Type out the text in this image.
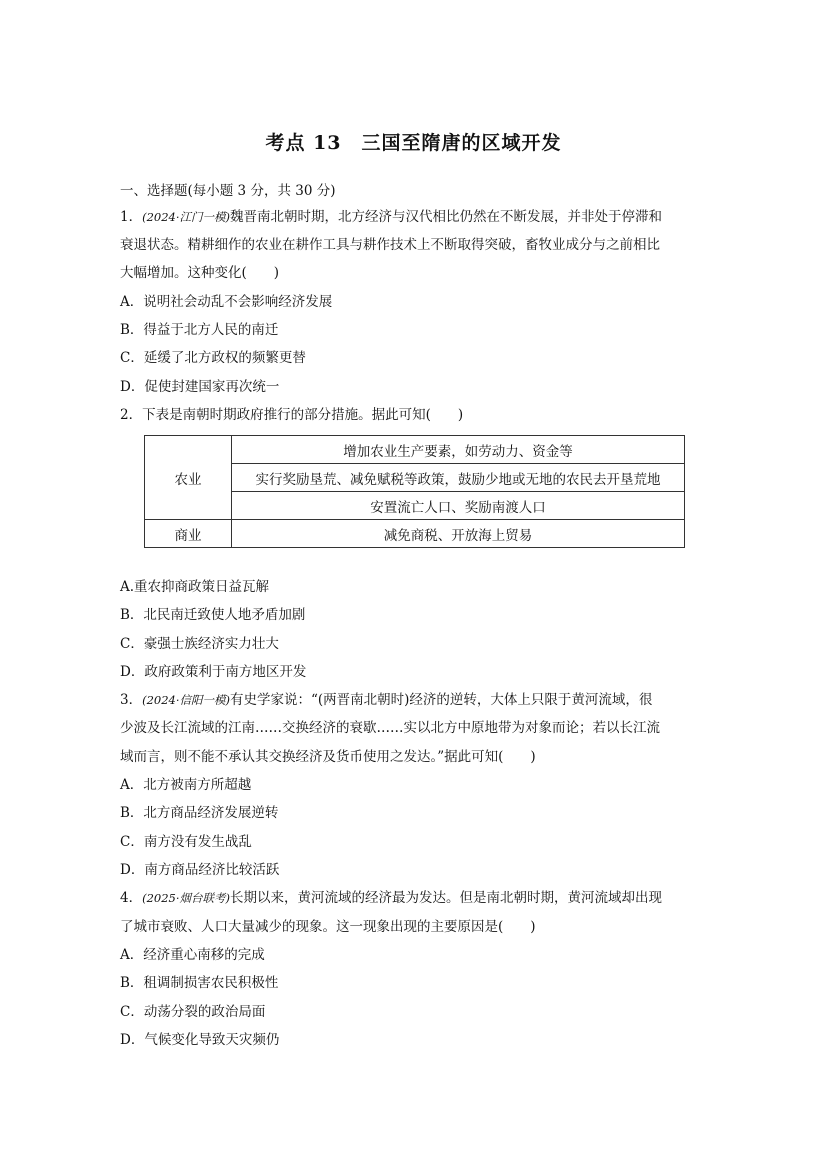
考点 13　三国至隋唐的区域开发
一、选择题(每小题 3 分，共 30 分)
1．(2024·江门一模)魏晋南北朝时期，北方经济与汉代相比仍然在不断发展，并非处于停滞和
衰退状态。精耕细作的农业在耕作工具与耕作技术上不断取得突破，畜牧业成分与之前相比
大幅增加。这种变化(　　)
A．说明社会动乱不会影响经济发展
B．得益于北方人民的南迁
C．延缓了北方政权的频繁更替
D．促使封建国家再次统一
2．下表是南朝时期政府推行的部分措施。据此可知(　　)
农业	增加农业生产要素，如劳动力、资金等
	实行奖励垦荒、减免赋税等政策，鼓励少地或无地的农民去开垦荒地
	安置流亡人口、奖励南渡人口
商业	减免商税、开放海上贸易
A.重农抑商政策日益瓦解
B．北民南迁致使人地矛盾加剧
C．豪强士族经济实力壮大
D．政府政策利于南方地区开发
3．(2024·信阳一模)有史学家说：“(两晋南北朝时)经济的逆转，大体上只限于黄河流域，很
少波及长江流域的江南……交换经济的衰歇……实以北方中原地带为对象而论；若以长江流
域而言，则不能不承认其交换经济及货币使用之发达。”据此可知(　　)
A．北方被南方所超越
B．北方商品经济发展逆转
C．南方没有发生战乱
D．南方商品经济比较活跃
4．(2025·烟台联考)长期以来，黄河流域的经济最为发达。但是南北朝时期，黄河流域却出现
了城市衰败、人口大量减少的现象。这一现象出现的主要原因是(　　)
A．经济重心南移的完成
B．租调制损害农民积极性
C．动荡分裂的政治局面
D．气候变化导致天灾频仍
